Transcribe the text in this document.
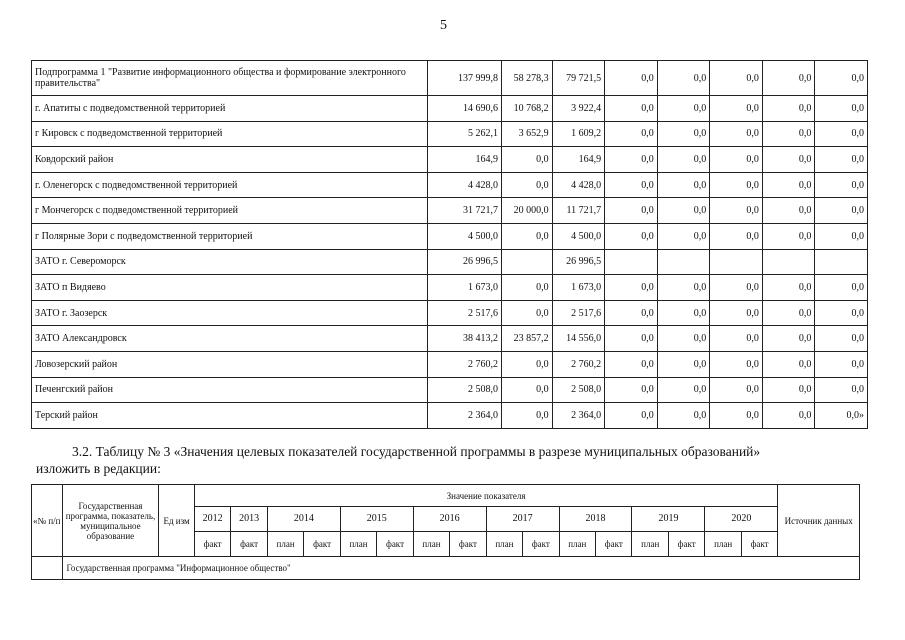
5
Подпрограмма 1 "Развитие информационного общества и формирование электронного правительства"	137 999,8	58 278,3	79 721,5	0,0	0,0	0,0	0,0	0,0
г. Апатиты с подведомственной территорией	14 690,6	10 768,2	3 922,4	0,0	0,0	0,0	0,0	0,0
г Кировск с подведомственной территорией	5 262,1	3 652,9	1 609,2	0,0	0,0	0,0	0,0	0,0
Ковдорский район	164,9	0,0	164,9	0,0	0,0	0,0	0,0	0,0
г. Оленегорск с подведомственной территорией	4 428,0	0,0	4 428,0	0,0	0,0	0,0	0,0	0,0
г Мончегорск с подведомственной территорией	31 721,7	20 000,0	11 721,7	0,0	0,0	0,0	0,0	0,0
г Полярные Зори с подведомственной территорией	4 500,0	0,0	4 500,0	0,0	0,0	0,0	0,0	0,0
ЗАТО г. Североморск	26 996,5		26 996,5					
ЗАТО п Видяево	1 673,0	0,0	1 673,0	0,0	0,0	0,0	0,0	0,0
ЗАТО г. Заозерск	2 517,6	0,0	2 517,6	0,0	0,0	0,0	0,0	0,0
ЗАТО Александровск	38 413,2	23 857,2	14 556,0	0,0	0,0	0,0	0,0	0,0
Ловозерский район	2 760,2	0,0	2 760,2	0,0	0,0	0,0	0,0	0,0
Печенгский район	2 508,0	0,0	2 508,0	0,0	0,0	0,0	0,0	0,0
Терский район	2 364,0	0,0	2 364,0	0,0	0,0	0,0	0,0	0,0»
3.2. Таблицу № 3 «Значения целевых показателей государственной программы в разрезе муниципальных образований»
изложить в редакции:
«№ п/п	Государственная программа, показатель, муниципальное образование	Ед изм	Значение показателя																Источник данных
			2012	2013	2014		2015		2016		2017		2018		2019		2020		
			факт	факт	план	факт	план	факт	план	факт	план	факт	план	факт	план	факт	план	факт	
	Государственная программа "Информационное общество"																		
